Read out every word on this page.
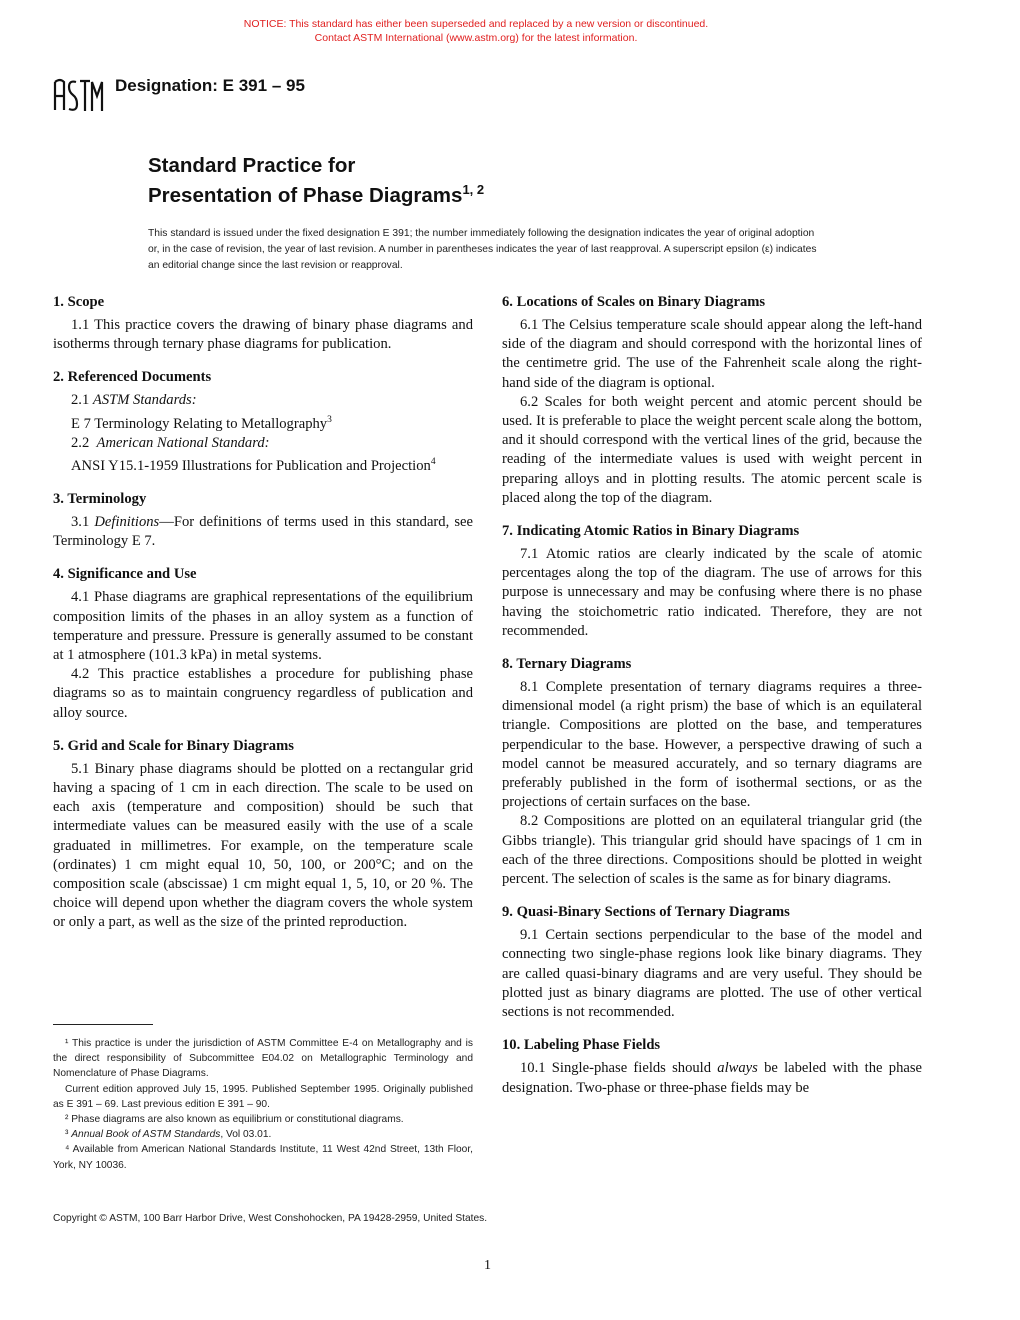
NOTICE: This standard has either been superseded and replaced by a new version or discontinued.
Contact ASTM International (www.astm.org) for the latest information.
Designation: E 391 – 95
Standard Practice for
Presentation of Phase Diagrams$^{1, 2}$
This standard is issued under the fixed designation E 391; the number immediately following the designation indicates the year of original adoption or, in the case of revision, the year of last revision. A number in parentheses indicates the year of last reapproval. A superscript epsilon (ε) indicates an editorial change since the last revision or reapproval.
1. Scope

1.1 This practice covers the drawing of binary phase diagrams and isotherms through ternary phase diagrams for publication.

2. Referenced Documents

2.1 ASTM Standards:

E 7 Terminology Relating to Metallography$^3$

2.2 American National Standard:

ANSI Y15.1-1959 Illustrations for Publication and Projection$^4$

3. Terminology

3.1 Definitions—For definitions of terms used in this standard, see Terminology E 7.

4. Significance and Use

4.1 Phase diagrams are graphical representations of the equilibrium composition limits of the phases in an alloy system as a function of temperature and pressure. Pressure is generally assumed to be constant at 1 atmosphere (101.3 kPa) in metal systems.

4.2 This practice establishes a procedure for publishing phase diagrams so as to maintain congruency regardless of publication and alloy source.

5. Grid and Scale for Binary Diagrams

5.1 Binary phase diagrams should be plotted on a rectangular grid having a spacing of 1 cm in each direction. The scale to be used on each axis (temperature and composition) should be such that intermediate values can be measured easily with the use of a scale graduated in millimetres. For example, on the temperature scale (ordinates) 1 cm might equal 10, 50, 100, or 200°C; and on the composition scale (abscissae) 1 cm might equal 1, 5, 10, or 20 %. The choice will depend upon whether the diagram covers the whole system or only a part, as well as the size of the printed reproduction.

6. Locations of Scales on Binary Diagrams

6.1 The Celsius temperature scale should appear along the left-hand side of the diagram and should correspond with the horizontal lines of the centimetre grid. The use of the Fahrenheit scale along the right-hand side of the diagram is optional.

6.2 Scales for both weight percent and atomic percent should be used. It is preferable to place the weight percent scale along the bottom, and it should correspond with the vertical lines of the grid, because the reading of the intermediate values is used with weight percent in preparing alloys and in plotting results. The atomic percent scale is placed along the top of the diagram.

7. Indicating Atomic Ratios in Binary Diagrams

7.1 Atomic ratios are clearly indicated by the scale of atomic percentages along the top of the diagram. The use of arrows for this purpose is unnecessary and may be confusing where there is no phase having the stoichometric ratio indicated. Therefore, they are not recommended.

8. Ternary Diagrams

8.1 Complete presentation of ternary diagrams requires a three-dimensional model (a right prism) the base of which is an equilateral triangle. Compositions are plotted on the base, and temperatures perpendicular to the base. However, a perspective drawing of such a model cannot be measured accurately, and so ternary diagrams are preferably published in the form of isothermal sections, or as the projections of certain surfaces on the base.

8.2 Compositions are plotted on an equilateral triangular grid (the Gibbs triangle). This triangular grid should have spacings of 1 cm in each of the three directions. Compositions should be plotted in weight percent. The selection of scales is the same as for binary diagrams.

9. Quasi-Binary Sections of Ternary Diagrams

9.1 Certain sections perpendicular to the base of the model and connecting two single-phase regions look like binary diagrams. They are called quasi-binary diagrams and are very useful. They should be plotted just as binary diagrams are plotted. The use of other vertical sections is not recommended.

10. Labeling Phase Fields

10.1 Single-phase fields should always be labeled with the phase designation. Two-phase or three-phase fields may be

¹ This practice is under the jurisdiction of ASTM Committee E-4 on Metallography and is the direct responsibility of Subcommittee E04.02 on Metallographic Terminology and Nomenclature of Phase Diagrams.

Current edition approved July 15, 1995. Published September 1995. Originally published as E 391 – 69. Last previous edition E 391 – 90.

² Phase diagrams are also known as equilibrium or constitutional diagrams.

³ Annual Book of ASTM Standards, Vol 03.01.

⁴ Available from American National Standards Institute, 11 West 42nd Street, 13th Floor, York, NY 10036.

Copyright © ASTM, 100 Barr Harbor Drive, West Conshohocken, PA 19428-2959, United States.
1
